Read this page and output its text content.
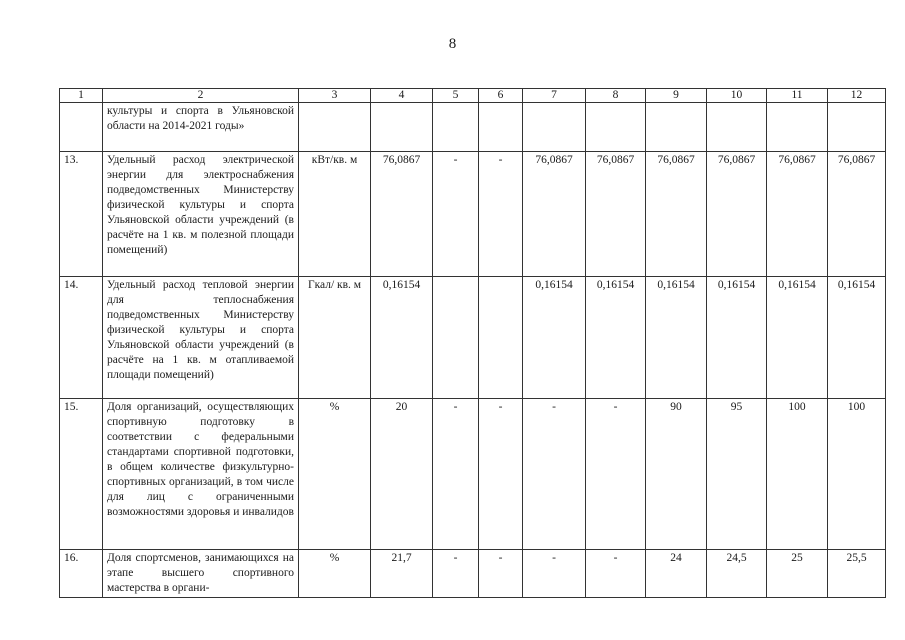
8
1	2	3	4	5	6	7	8	9	10	11	12
	культуры и спорта в Ульяновской области на 2014-2021 годы»										
13.	Удельный расход электрической энергии для электроснабжения подведомственных Министерству физической культуры и спорта Ульяновской области учреждений (в расчёте на 1 кв. м полезной площади помещений)	кВт/кв. м	76,0867	-	-	76,0867	76,0867	76,0867	76,0867	76,0867	76,0867
14.	Удельный расход тепловой энергии для теплоснабжения подведомственных Министерству физической культуры и спорта Ульяновской области учреждений (в расчёте на 1 кв. м отапливаемой площади помещений)	Гкал/ кв. м	0,16154			0,16154	0,16154	0,16154	0,16154	0,16154	0,16154
15.	Доля организаций, осуществляющих спортивную подготовку в соответствии с федеральными стандартами спортивной подготовки, в общем количестве физкультурно-спортивных организаций, в том числе для лиц с ограниченными возможностями здоровья и инвалидов	%	20	-	-	-	-	90	95	100	100
16.	Доля спортсменов, занимающихся на этапе высшего спортивного мастерства в органи-	%	21,7	-	-	-	-	24	24,5	25	25,5
